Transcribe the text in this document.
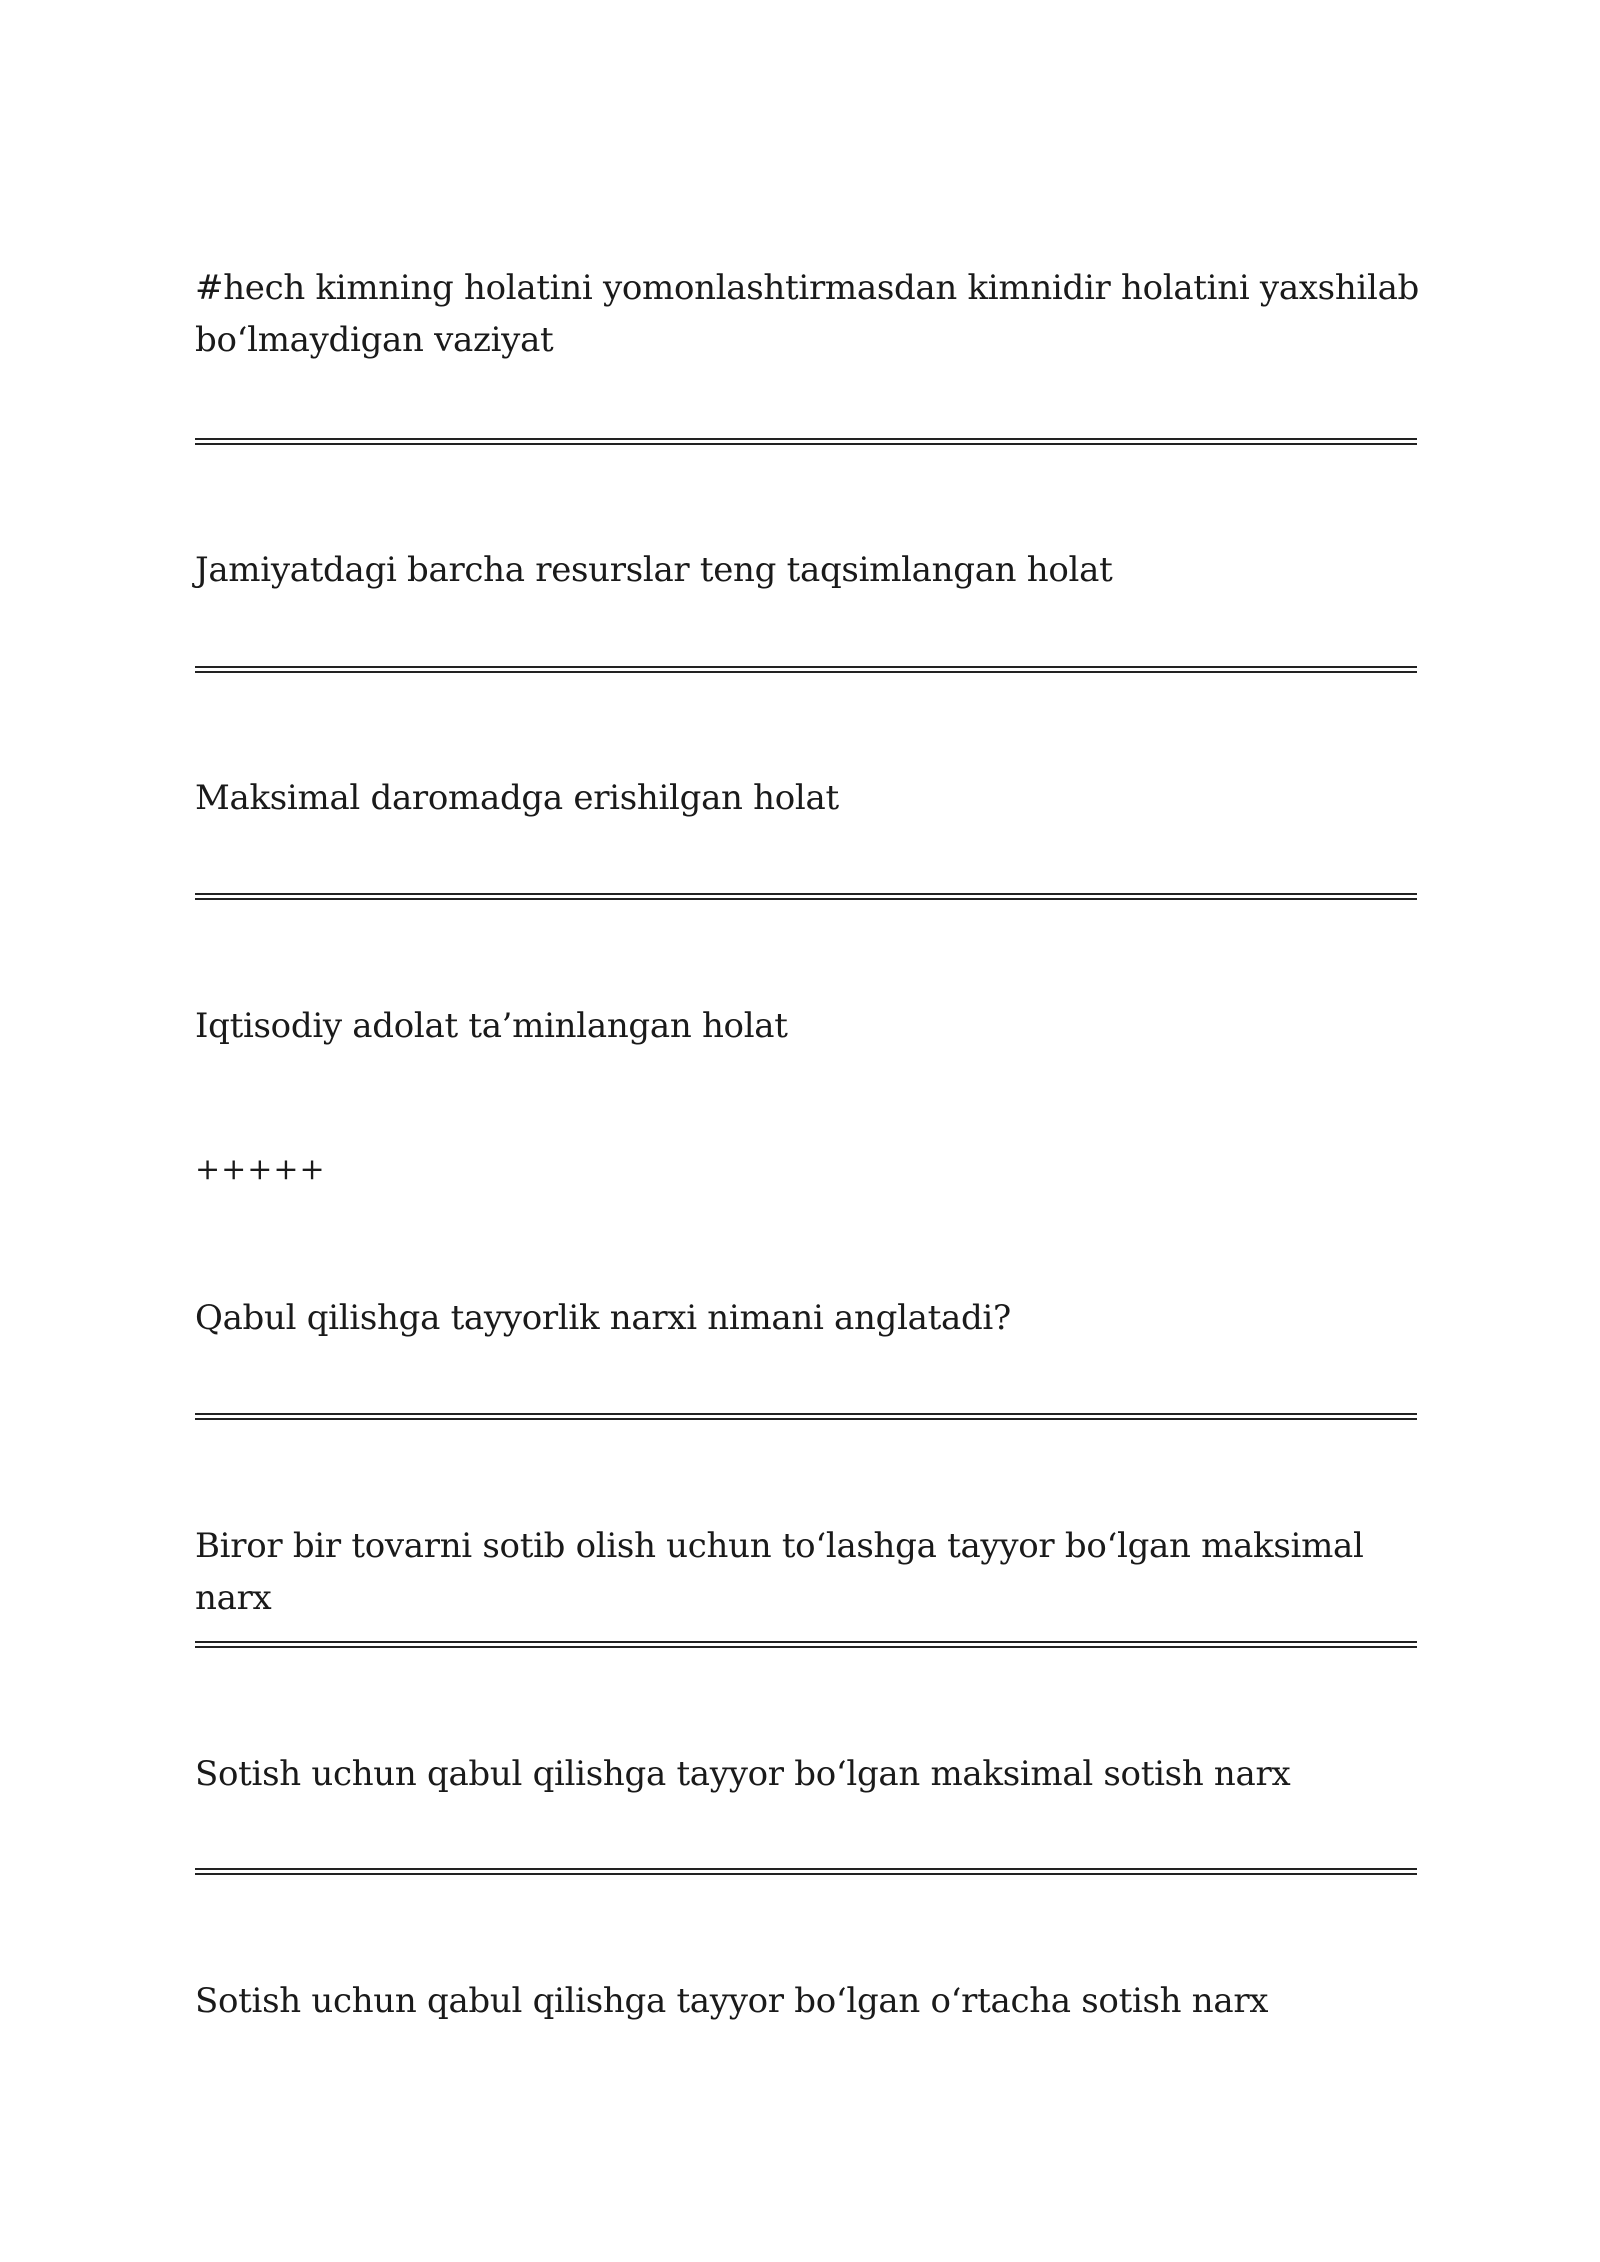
#hech kimning holatini yomonlashtirmasdan kimnidir holatini yaxshilab bo‘lmaydigan vaziyat
Jamiyatdagi barcha resurslar teng taqsimlangan holat
Maksimal daromadga erishilgan holat
Iqtisodiy adolat ta’minlangan holat
+++++
Qabul qilishga tayyorlik narxi nimani anglatadi?
Biror bir tovarni sotib olish uchun to‘lashga tayyor bo‘lgan maksimal narx
Sotish uchun qabul qilishga tayyor bo‘lgan maksimal sotish narx
Sotish uchun qabul qilishga tayyor bo‘lgan o‘rtacha sotish narx
